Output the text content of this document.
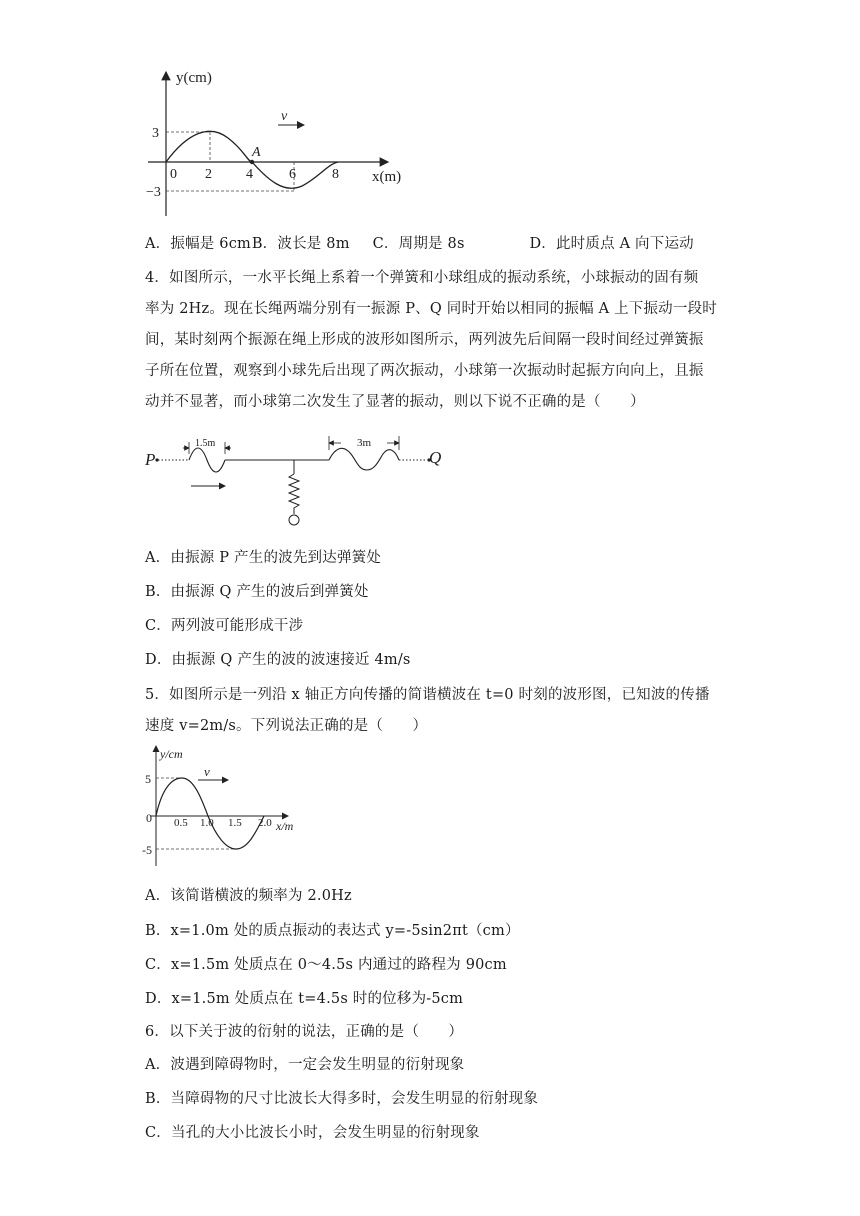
v
y(cm)
x(m)
0 2 4	6	8
3
−3
A
A．振幅是 6cm B．波长是 8m C．周期是 8s	D．此时质点 A 向下运动
4．如图所示，一水平长绳上系着一个弹簧和小球组成的振动系统，小球振动的固有频
率为 2Hz。现在长绳两端分别有一振源 P、Q 同时开始以相同的振幅 A 上下振动一段时
间，某时刻两个振源在绳上形成的波形如图所示，两列波先后间隔一段时间经过弹簧振
子所在位置，观察到小球先后出现了两次振动，小球第一次振动时起振方向向上，且振
动并不显著，而小球第二次发生了显著的振动，则以下说不正确的是（　　）
P	Q
1.5m	3m
A．由振源 P 产生的波先到达弹簧处
B．由振源 Q 产生的波后到弹簧处
C．两列波可能形成干涉
D．由振源 Q 产生的波的波速接近 4m/s
5．如图所示是一列沿 x 轴正方向传播的简谐横波在 t=0 时刻的波形图，已知波的传播
速度 v=2m/s。下列说法正确的是（　　）
v
y/cm
x/m
0 0.5 1.0 1.5 2.0
5
-5
A．该简谐横波的频率为 2.0Hz
B．x=1.0m 处的质点振动的表达式 y=-5sin2πt（cm）
C．x=1.5m 处质点在 0～4.5s 内通过的路程为 90cm
D．x=1.5m 处质点在 t=4.5s 时的位移为-5cm
6．以下关于波的衍射的说法，正确的是（　　）
A．波遇到障碍物时，一定会发生明显的衍射现象
B．当障碍物的尺寸比波长大得多时，会发生明显的衍射现象
C．当孔的大小比波长小时，会发生明显的衍射现象
